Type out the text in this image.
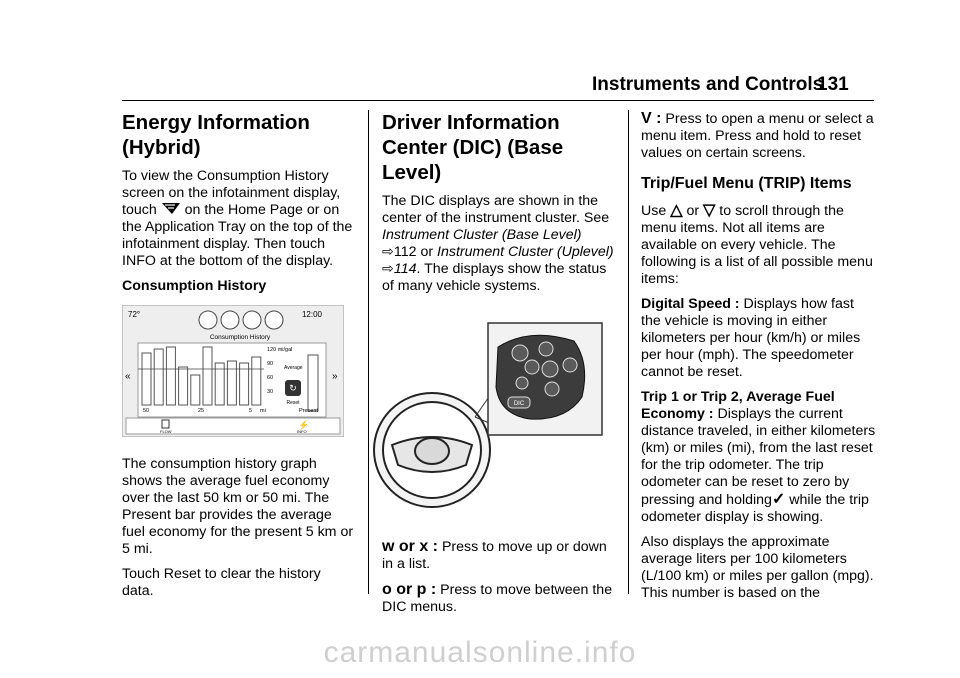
Instruments and Controls
131
Energy Information (Hybrid)

To view the Consumption History screen on the infotainment display, touch on the Home Page or on the Application Tray on the top of the infotainment display. Then touch INFO at the bottom of the display.

Consumption History

72°	12:00
Consumption History
120 mi/gal
90
60
30
Average
↻
Reset
50	25	5 mi	Present
«	»
FLOW
⚡
INFO

The consumption history graph shows the average fuel economy over the last 50 km or 50 mi. The Present bar provides the average fuel economy for the present 5 km or 5 mi.

Touch Reset to clear the history data.

Driver Information Center (DIC) (Base Level)

The DIC displays are shown in the center of the instrument cluster. See Instrument Cluster (Base Level) ⇨112 or Instrument Cluster (Uplevel) ⇨114. The displays show the status of many vehicle systems.

DIC

w or x : Press to move up or down in a list.

o or p : Press to move between the DIC menus.

V : Press to open a menu or select a menu item. Press and hold to reset values on certain screens.

Trip/Fuel Menu (TRIP) Items

Use △ or ▽ to scroll through the menu items. Not all items are available on every vehicle. The following is a list of all possible menu items:

Digital Speed : Displays how fast the vehicle is moving in either kilometers per hour (km/h) or miles per hour (mph). The speedometer cannot be reset.

Trip 1 or Trip 2, Average Fuel Economy : Displays the current distance traveled, in either kilometers (km) or miles (mi), from the last reset for the trip odometer. The trip odometer can be reset to zero by pressing and holding✓ while the trip odometer display is showing.

Also displays the approximate average liters per 100 kilometers (L/100 km) or miles per gallon (mpg). This number is based on the

carmanualsonline.info
